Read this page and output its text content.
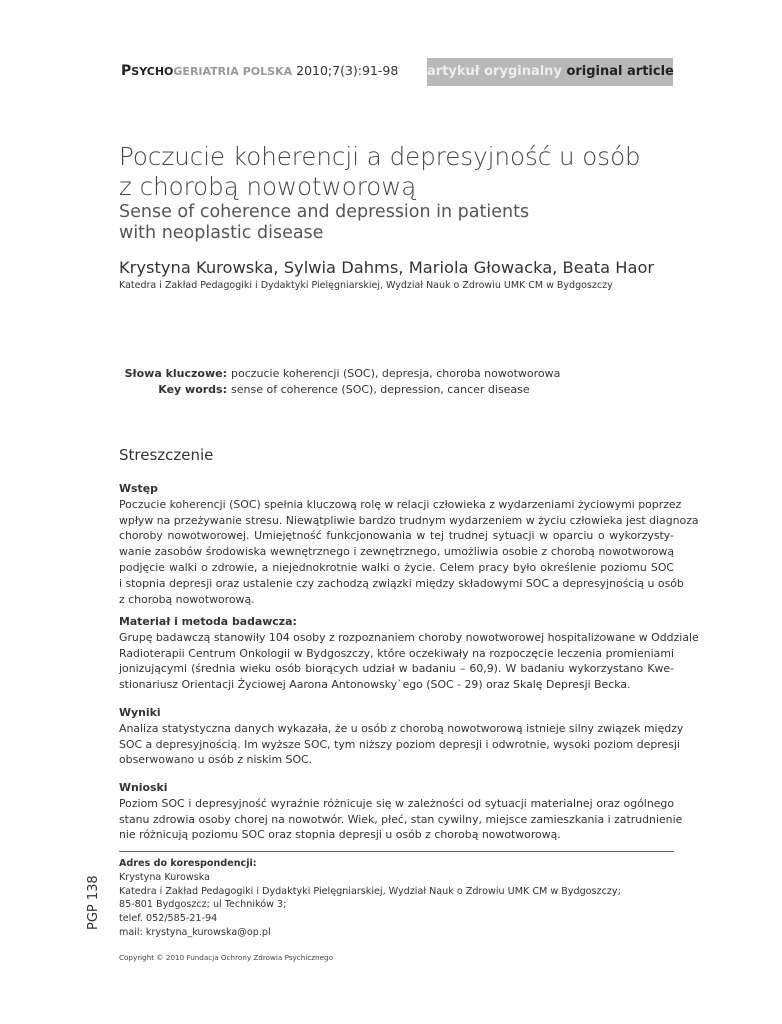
PSYCHOGERIATRIA POLSKA 2010;7(3):91-98 artykuł oryginalny original article
Poczucie koherencji a depresyjność u osób
z chorobą nowotworową
Sense of coherence and depression in patients
with neoplastic disease
Krystyna Kurowska, Sylwia Dahms, Mariola Głowacka, Beata Haor
Katedra i Zakład Pedagogiki i Dydaktyki Pielęgniarskiej, Wydział Nauk o Zdrowiu UMK CM w Bydgoszczy
Słowa kluczowe: poczucie koherencji (SOC), depresja, choroba nowotworowa
Key words: sense of coherence (SOC), depression, cancer disease
Streszczenie
Wstęp
Poczucie koherencji (SOC) spełnia kluczową rolę w relacji człowieka z wydarzeniami życiowymi poprzez
wpływ na przeżywanie stresu. Niewątpliwie bardzo trudnym wydarzeniem w życiu człowieka jest diagnoza
choroby nowotworowej. Umiejętność funkcjonowania w tej trudnej sytuacji w oparciu o wykorzysty-
wanie zasobów środowiska wewnętrznego i zewnętrznego, umożliwia osobie z chorobą nowotworową
podjęcie walki o zdrowie, a niejednokrotnie walki o życie. Celem pracy było określenie poziomu SOC
i stopnia depresji oraz ustalenie czy zachodzą związki między składowymi SOC a depresyjnością u osób
z chorobą nowotworową.
Materiał i metoda badawcza:
Grupę badawczą stanowiły 104 osoby z rozpoznaniem choroby nowotworowej hospitalizowane w Oddziale
Radioterapii Centrum Onkologii w Bydgoszczy, które oczekiwały na rozpoczęcie leczenia promieniami
jonizującymi (średnia wieku osób biorących udział w badaniu – 60,9). W badaniu wykorzystano Kwe-
stionariusz Orientacji Życiowej Aarona Antonowsky`ego (SOC - 29) oraz Skalę Depresji Becka.
Wyniki
Analiza statystyczna danych wykazała, że u osób z chorobą nowotworową istnieje silny związek między
SOC a depresyjnością. Im wyższe SOC, tym niższy poziom depresji i odwrotnie, wysoki poziom depresji
obserwowano u osób z niskim SOC.
Wnioski
Poziom SOC i depresyjność wyraźnie różnicuje się w zależności od sytuacji materialnej oraz ogólnego
stanu zdrowia osoby chorej na nowotwór. Wiek, płeć, stan cywilny, miejsce zamieszkania i zatrudnienie
nie różnicują poziomu SOC oraz stopnia depresji u osób z chorobą nowotworową.
Adres do korespondencji:
Krystyna Kurowska
Katedra i Zakład Pedagogiki i Dydaktyki Pielęgniarskiej, Wydział Nauk o Zdrowiu UMK CM w Bydgoszczy;
85-801 Bydgoszcz; ul Techników 3;
telef. 052/585-21-94
mail: krystyna_kurowska@op.pl
PGP 138
Copyright © 2010 Fundacja Ochrony Zdrowia Psychicznego
